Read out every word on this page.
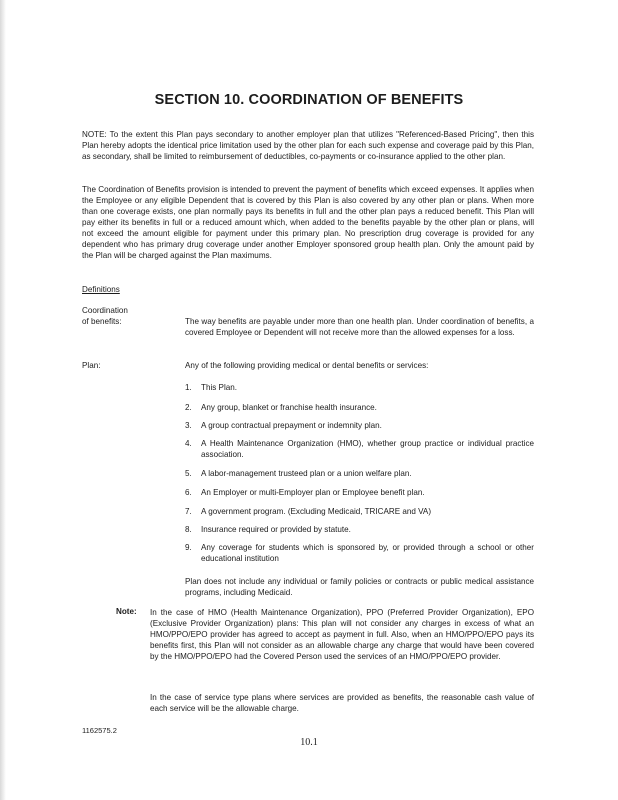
SECTION 10. COORDINATION OF BENEFITS

NOTE: To the extent this Plan pays secondary to another employer plan that utilizes "Referenced-Based Pricing", then this Plan hereby adopts the identical price limitation used by the other plan for each such expense and coverage paid by this Plan, as secondary, shall be limited to reimbursement of deductibles, co-payments or co-insurance applied to the other plan.

The Coordination of Benefits provision is intended to prevent the payment of benefits which exceed expenses. It applies when the Employee or any eligible Dependent that is covered by this Plan is also covered by any other plan or plans. When more than one coverage exists, one plan normally pays its benefits in full and the other plan pays a reduced benefit. This Plan will pay either its benefits in full or a reduced amount which, when added to the benefits payable by the other plan or plans, will not exceed the amount eligible for payment under this primary plan. No prescription drug coverage is provided for any dependent who has primary drug coverage under another Employer sponsored group health plan. Only the amount paid by the Plan will be charged against the Plan maximums.

Definitions
Coordination
of benefits:	The way benefits are payable under more than one health plan. Under coordination of benefits, a covered Employee or Dependent will not receive more than the allowed expenses for a loss.

Plan:	Any of the following providing medical or dental benefits or services:

1.	This Plan.
2.	Any group, blanket or franchise health insurance.
3.	A group contractual prepayment or indemnity plan.
4.	A Health Maintenance Organization (HMO), whether group practice or individual practice association.
5.	A labor-management trusteed plan or a union welfare plan.
6.	An Employer or multi-Employer plan or Employee benefit plan.
7.	A government program. (Excluding Medicaid, TRICARE and VA)
8.	Insurance required or provided by statute.
9.	Any coverage for students which is sponsored by, or provided through a school or other educational institution

Plan does not include any individual or family policies or contracts or public medical assistance programs, including Medicaid.

Note: In the case of HMO (Health Maintenance Organization), PPO (Preferred Provider Organization), EPO (Exclusive Provider Organization) plans: This plan will not consider any charges in excess of what an HMO/PPO/EPO provider has agreed to accept as payment in full. Also, when an HMO/PPO/EPO pays its benefits first, this Plan will not consider as an allowable charge any charge that would have been covered by the HMO/PPO/EPO had the Covered Person used the services of an HMO/PPO/EPO provider.

In the case of service type plans where services are provided as benefits, the reasonable cash value of each service will be the allowable charge.

1162575.2
10.1
